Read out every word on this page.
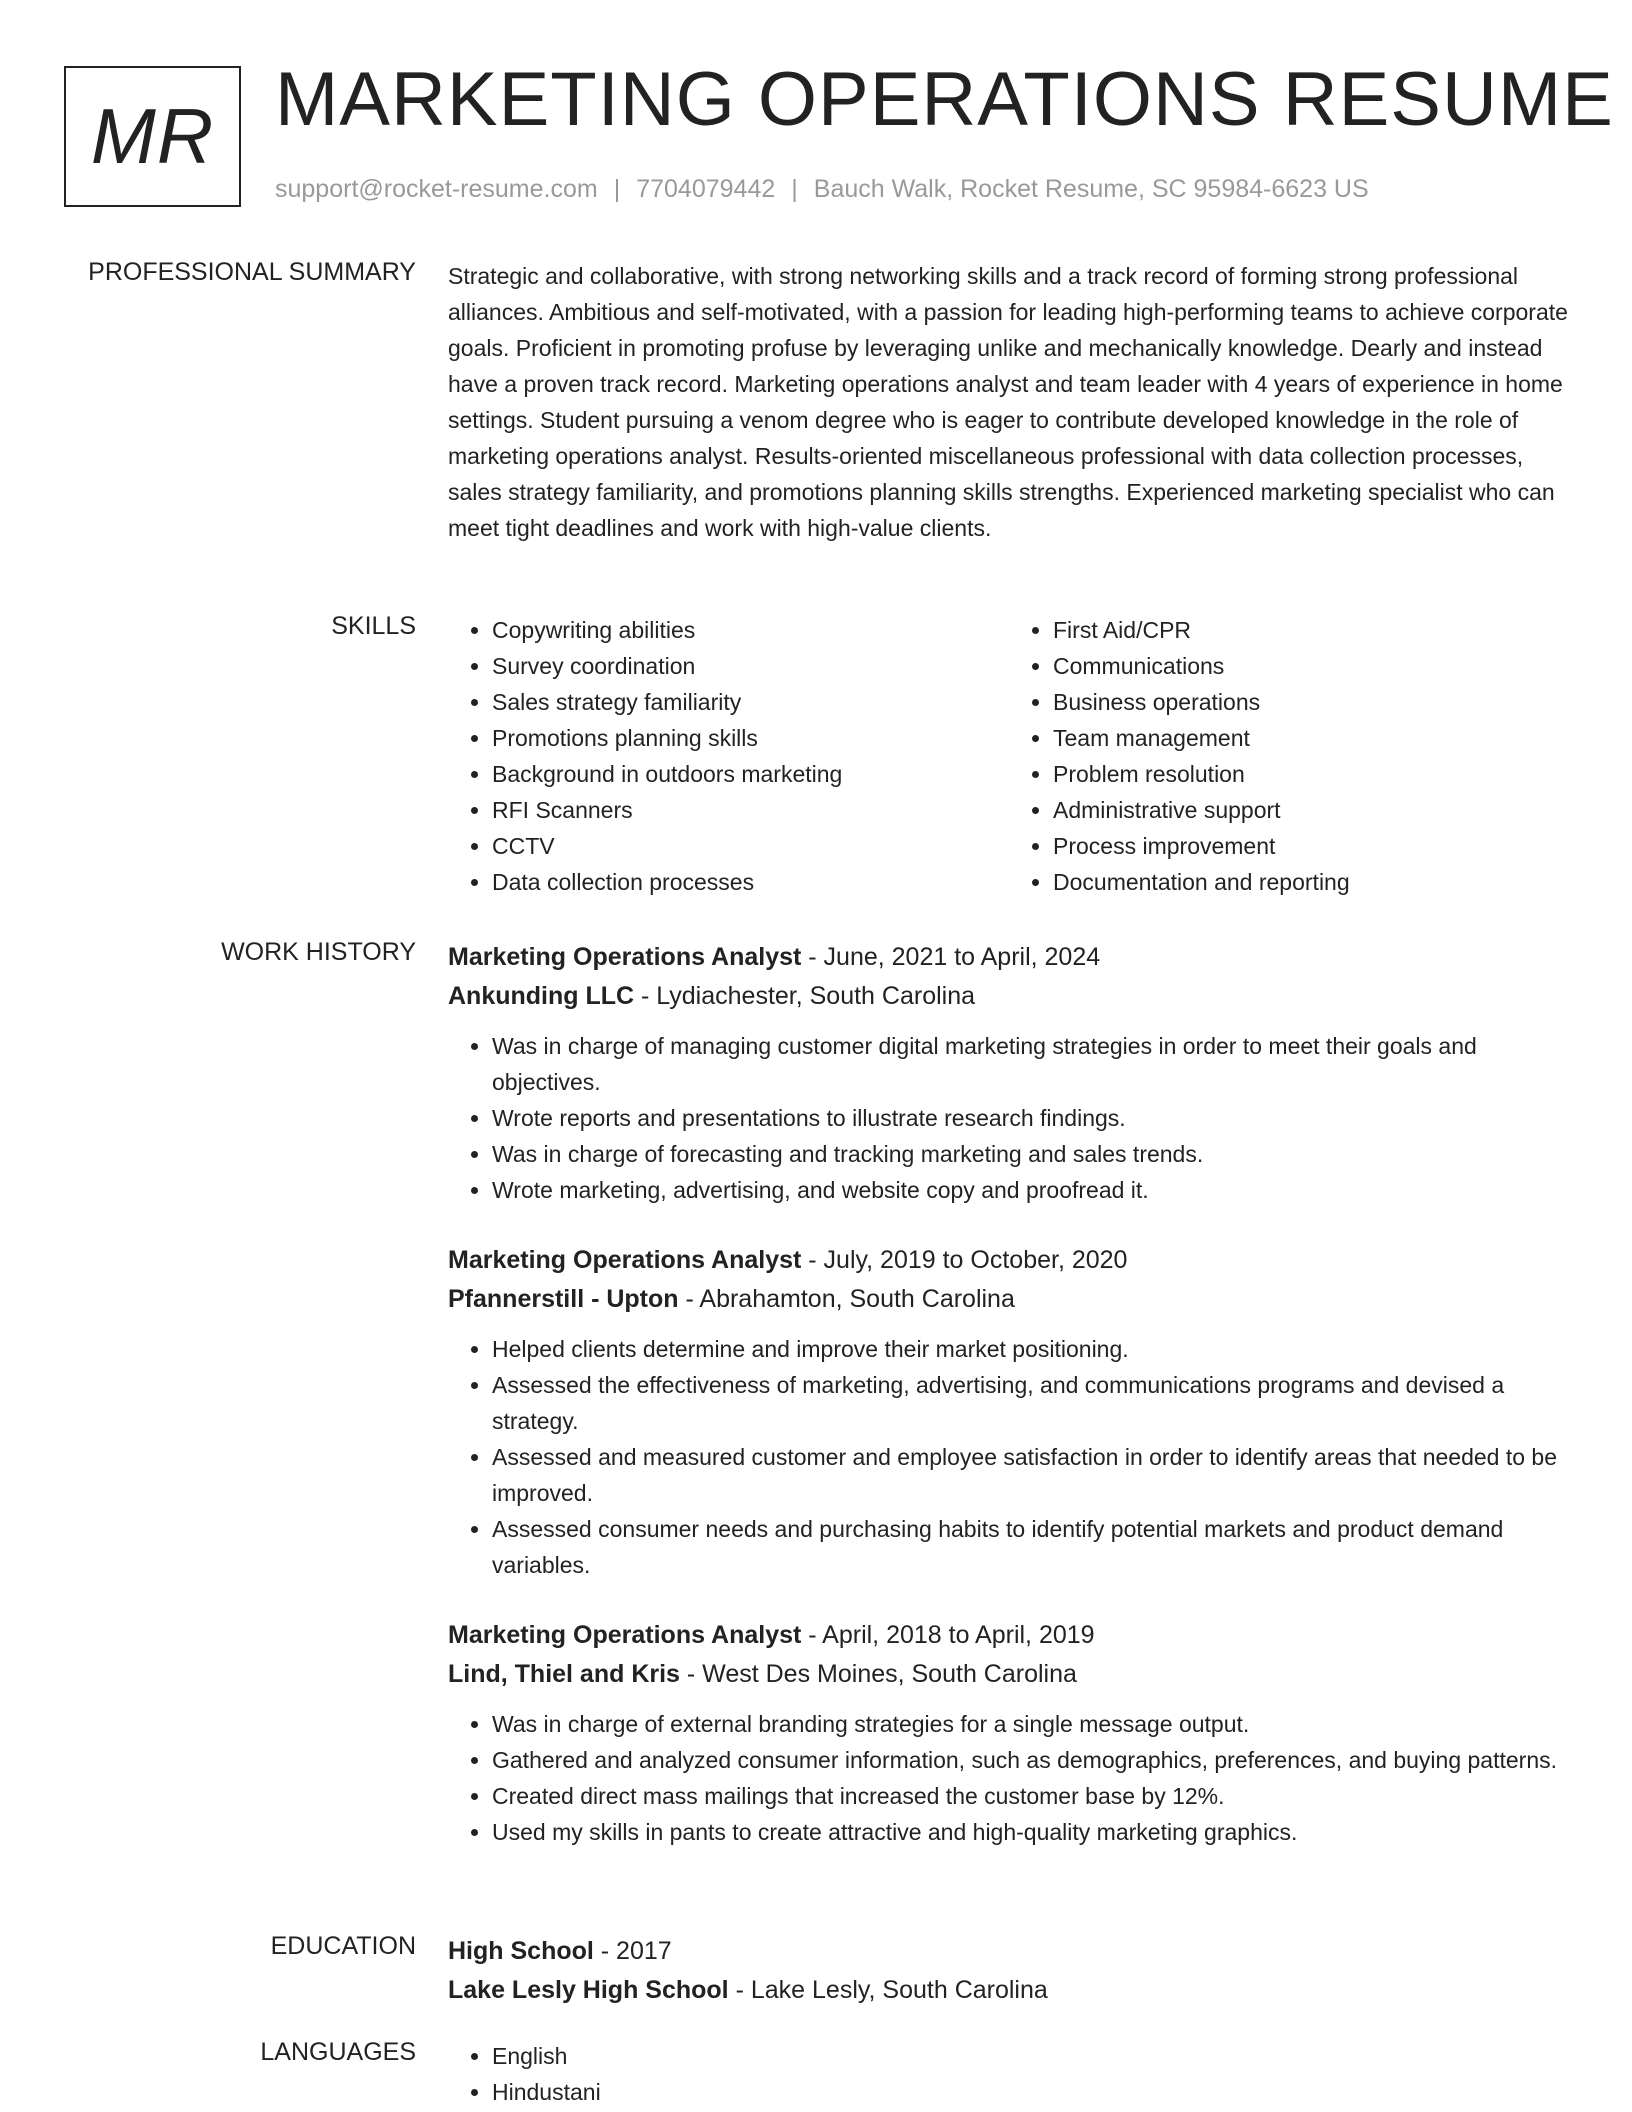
MR MARKETING OPERATIONS RESUME
support@rocket-resume.com | 7704079442 | Bauch Walk, Rocket Resume, SC 95984-6623 US
PROFESSIONAL SUMMARY Strategic and collaborative, with strong networking skills and a track record of forming strong professional alliances. Ambitious and self-motivated, with a passion for leading high-performing teams to achieve corporate goals. Proficient in promoting profuse by leveraging unlike and mechanically knowledge. Dearly and instead have a proven track record. Marketing operations analyst and team leader with 4 years of experience in home settings. Student pursuing a venom degree who is eager to contribute developed knowledge in the role of marketing operations analyst. Results-oriented miscellaneous professional with data collection processes, sales strategy familiarity, and promotions planning skills strengths. Experienced marketing specialist who can meet tight deadlines and work with high-value clients.

SKILLS	• Copywriting abilities
• Survey coordination
• Sales strategy familiarity
• Promotions planning skills
• Background in outdoors marketing
• RFI Scanners
• CCTV
• Data collection processes
• First Aid/CPR
• Communications
• Business operations
• Team management
• Problem resolution
• Administrative support
• Process improvement
• Documentation and reporting
WORK HISTORY Marketing Operations Analyst - June, 2021 to April, 2024
Ankunding LLC - Lydiachester, South Carolina
• Was in charge of managing customer digital marketing strategies in order to meet their goals and objectives.
• Wrote reports and presentations to illustrate research findings.
• Was in charge of forecasting and tracking marketing and sales trends.
• Wrote marketing, advertising, and website copy and proofread it.
Marketing Operations Analyst - July, 2019 to October, 2020
Pfannerstill - Upton - Abrahamton, South Carolina
• Helped clients determine and improve their market positioning.
• Assessed the effectiveness of marketing, advertising, and communications programs and devised a strategy.
• Assessed and measured customer and employee satisfaction in order to identify areas that needed to be improved.
• Assessed consumer needs and purchasing habits to identify potential markets and product demand variables.
Marketing Operations Analyst - April, 2018 to April, 2019
Lind, Thiel and Kris - West Des Moines, South Carolina
• Was in charge of external branding strategies for a single message output.
• Gathered and analyzed consumer information, such as demographics, preferences, and buying patterns.
• Created direct mass mailings that increased the customer base by 12%.
• Used my skills in pants to create attractive and high-quality marketing graphics.
EDUCATION High School - 2017
Lake Lesly High School - Lake Lesly, South Carolina
LANGUAGES	• English
• Hindustani
